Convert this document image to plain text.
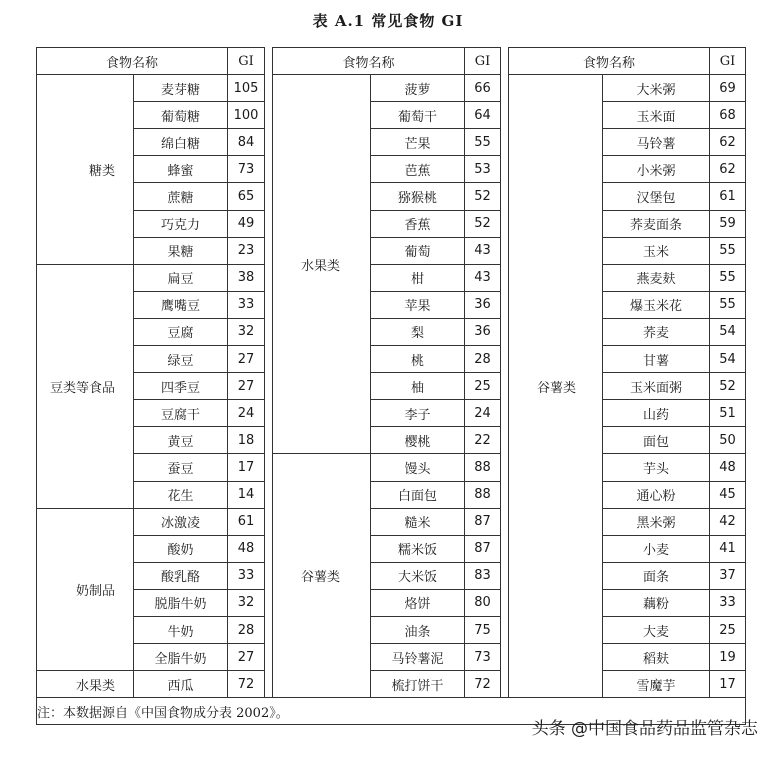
表 A.1 常见食物 GI
食物名称		GI		食物名称		GI		食物名称		GI
糖类	麦芽糖	105		水果类	菠萝	66		谷薯类	大米粥	69
	葡萄糖	100			葡萄干	64			玉米面	68
	绵白糖	84			芒果	55			马铃薯	62
	蜂蜜	73			芭蕉	53			小米粥	62
	蔗糖	65			猕猴桃	52			汉堡包	61
	巧克力	49			香蕉	52			荞麦面条	59
	果糖	23			葡萄	43			玉米	55
豆类等食品	扁豆	38			柑	43			燕麦麸	55
	鹰嘴豆	33			苹果	36			爆玉米花	55
	豆腐	32			梨	36			荞麦	54
	绿豆	27			桃	28			甘薯	54
	四季豆	27			柚	25			玉米面粥	52
	豆腐干	24			李子	24			山药	51
	黄豆	18			樱桃	22			面包	50
	蚕豆	17		谷薯类	馒头	88			芋头	48
	花生	14			白面包	88			通心粉	45
奶制品	冰激凌	61			糙米	87			黑米粥	42
	酸奶	48			糯米饭	87			小麦	41
	酸乳酪	33			大米饭	83			面条	37
	脱脂牛奶	32			烙饼	80			藕粉	33
	牛奶	28			油条	75			大麦	25
	全脂牛奶	27			马铃薯泥	73			稻麸	19
水果类	西瓜	72			梳打饼干	72			雪魔芋	17
注：本数据源自《中国食物成分表 2002》。										
头条 @中国食品药品监管杂志
